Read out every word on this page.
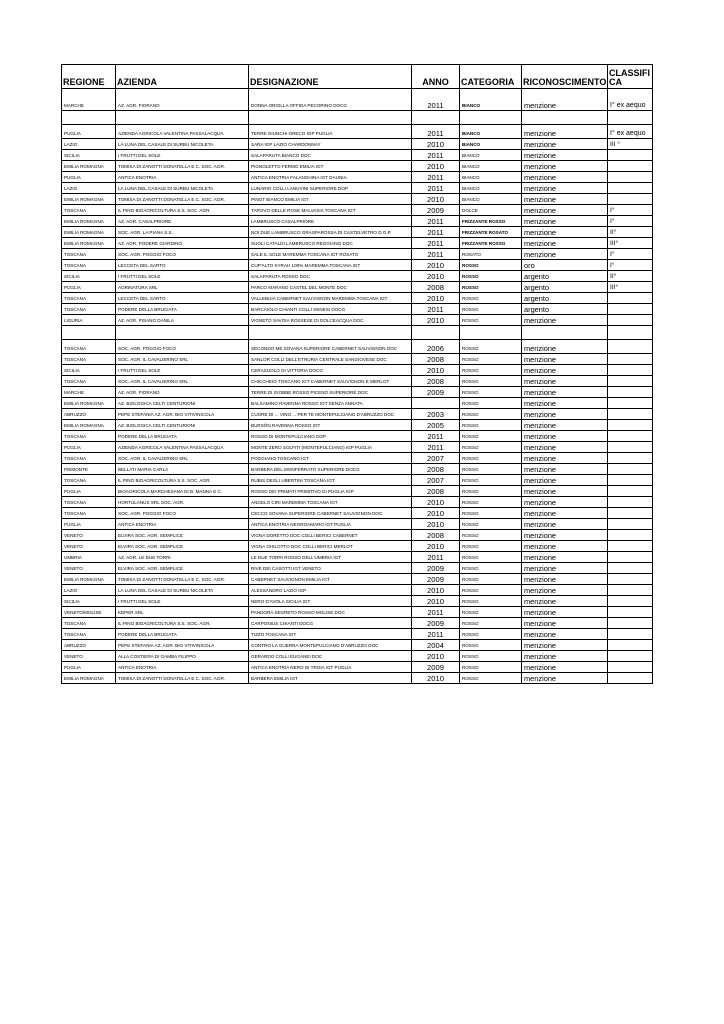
REGIONE	AZIENDA	DESIGNAZIONE	ANNO	CATEGORIA	RICONOSCIMENTO	CLASSIFICA
MARCHE	AZ. AGR. FIORANO	DONNA ORGILLA OFFIDA PECORINO DOCG	2011	BIANCO	menzione	I° ex aequo

PUGLIA	AZIENDA AGRICOLA VALENTINA PASSALACQUA	TERRE GIUNCHI GRECO IGP PUGLIA	2011	BIANCO	menzione	I° ex aequo
LAZIO	LA LUNA DEL CASALE DI SURBU NICOLETA	SARA IGP LAZIO CHARDONNAY	2010	BIANCO	menzione	III °
SICILIA	I FRUTTI DEL SOLE	SALAPARUTA BIANCO DOC	2011	BIANCO	menzione	
EMILIA ROMAGNA	TOMISA DI ZANOTTI DONATELLA E C. SOC. AGR.	PIGNOLETTO FERMO EMILIA IGT	2010	BIANCO	menzione	
PUGLIA	ANTICA ENOTRIA	ANTICA ENOTRIA FALANGHINA IGT DAUNIA	2011	BIANCO	menzione	
LAZIO	LA LUNA DEL CASALE DI SURBU NICOLETA	LUNARIO COLLI LANUVINI SUPERIORE DOP	2011	BIANCO	menzione	
EMILIA ROMAGNA	TOMISA DI ZANOTTI DONATELLA E C. SOC. AGR.	PINOT BIANCO EMILIA IGT	2010	BIANCO	menzione	
TOSCANA	IL PINO BIOAGRICOLTURA S.S. SOC. AGR.	TAROVO DELLE ROSE MALVASIA TOSCANA IGT	2009	DOLCE	menzione	I°
EMILIA ROMAGNA	AZ. AGR. CASALPRIORE	LAMBRUSCO CASALPRIORE	2011	FRIZZANTE ROSSO	menzione	I°
EMILIA ROMAGNA	SOC. AGR. LA PIANA S.S.	NOI DUE LAMBRUSCO GRASPAROSSA DI CASTELVETRO D.O.P.	2011	FRIZZANTE ROSATO	menzione	II°
EMILIA ROMAGNA	AZ. AGR. PODERE GIARDINO	SUOLI CATALDI LAMBRUSCO REGGIANO DOC	2011	FRIZZANTE ROSSO	menzione	III°
TOSCANA	SOC. AGR. POGGIO FOCO	SALE IL SOLE MAREMMA TOSCANA IGT ROSATO	2011	ROSATO	menzione	I°
TOSCANA	LECCETA DEL SARTO	CUP'ALTO SYRAH 100% MAREMMA TOSCANA IGT	2010	ROSSO	oro	I°
SICILIA	I FRUTTI DEL SOLE	SALAPARUTA ROSSO DOC	2010	ROSSO	argento	II°
PUGLIA	AGRINATURA SRL	PARCO MARANO CASTEL DEL MONTE DOC	2008	ROSSO	argento	III°
TOSCANA	LECCETA DEL SARTO	VALLEBUIA CABERNET SAUVIGNON MAREMMA TOSCANA IGT	2010	ROSSO	argento	
TOSCANA	PODERE DELLA BRUCIATA	BARCAIOLO CHIANTI COLLI SENESI DOCG	2011	ROSSO	argento	
LIGURIA	AZ. AGR. PISANO DANILA	VIGNETO SAVOIA ROSSESE DI DOLCEACQUA DOC	2010	ROSSO	menzione	

TOSCANA	SOC. AGR. POGGIO FOCO	SECONDO ME SOVANA SUPERIORE CABERNET SAUVIGNON DOC	2006	ROSSO	menzione	
TOSCANA	SOC. AGR. IL CAVALIERINO SRL	SANLOR COLLI DELL'ETRURIA CENTRALE SANGIOVESE DOC	2008	ROSSO	menzione	
SICILIA	I FRUTTI DEL SOLE	CERASUOLO DI VITTORIA DOCG	2010	ROSSO	menzione	
TOSCANA	SOC. AGR. IL CAVALIERINO SRL	CHICCHEIO TOSCANO IGT CABERNET SAUVIGNON E MERLOT	2008	ROSSO	menzione	
MARCHE	AZ. AGR. FIORANO	TERRE DI GIOBBE ROSSO PICENO SUPERIORE DOC	2009	ROSSO	menzione	
EMILIA ROMAGNA	AZ. BIOLOGICA CELTI CENTURIONI	BALSAMINO RAVENNA ROSSO IGT SENZA ANNATA		ROSSO	menzione	
ABRUZZO	PEPE STEFANIA AZ. AGR. BIO VITIVINICOLA	CUORE DI ... VINO ... PER TE MONTEPULCIANO D'ABRUZZO DOC	2003	ROSSO	menzione	
EMILIA ROMAGNA	AZ. BIOLOGICA CELTI CENTURIONI	BURSÔN RAVENNA ROSSO IGT	2005	ROSSO	menzione	
TOSCANA	PODERE DELLA BRUCIATA	ROSSO DI MONTEPULCIANO DOP	2011	ROSSO	menzione	
PUGLIA	AZIENDA AGRICOLA VALENTINA PASSALACQUA	MONTE ZERO SOLFITI (MONTEPULCIANO) IGP PUGLIA	2011	ROSSO	menzione	
TOSCANA	SOC. AGR. IL CAVALIERINO SRL	POGGIANO TOSCANO IGT	2007	ROSSO	menzione	
PIEMONTE	BELLATI MARIA CARLA	BARBERA DEL MONFERRATO SUPERIORE DOCG	2008	ROSSO	menzione	
TOSCANA	IL PINO BIOAGRICOLTURA S.S. SOC. AGR.	RUBIS DEGLI UBERTINI TOSCANA IGT	2007	ROSSO	menzione	
PUGLIA	BIOAGRICOLA MARCHESANA DI B. MANNA E C.	ROSSO DEI PRIMATI PRIMITIVO DI PUGLIA IGP	2008	ROSSO	menzione	
TOSCANA	HORTULANUS SRL SOC. AGR.	ANGELO CIRI MAREMMA TOSCANA IGT	2010	ROSSO	menzione	
TOSCANA	SOC. AGR. POGGIO FOCO	CECCO SOVANA SUPERIORE CABERNET SAUVIGNON DOC	2010	ROSSO	menzione	
PUGLIA	ANTICA ENOTRIA	ANTICA ENOTRIA NEGROAMARO IGT PUGLIA	2010	ROSSO	menzione	
VENETO	ELVIRA SOC. AGR. SEMPLICE	VIGNA DORETTO DOC COLLI BERICI CABERNET	2008	ROSSO	menzione	
VENETO	ELVIRA SOC. AGR. SEMPLICE	VIGNA GHILOTTO DOC COLLI BERICI MERLOT	2010	ROSSO	menzione	
UMBRIA	AZ. AGR. LE DUE TORRI	LE DUE TORRI ROSSO DELL'UMBRIA IGT	2011	ROSSO	menzione	
VENETO	ELVIRA SOC. AGR. SEMPLICE	RIVE DEI CASOTTI IGT VENETO	2009	ROSSO	menzione	
EMILIA ROMAGNA	TOMISA DI ZANOTTI DONATELLA E C. SOC. AGR.	CABERNET SAUVIGNON EMILIA IGT	2009	ROSSO	menzione	
LAZIO	LA LUNA DEL CASALE DI SURBU NICOLETA	ALESSANDRO LAZIO IGP	2010	ROSSO	menzione	
SICILIA	I FRUTTI DEL SOLE	NERO D'AVOLA SICILIA IGT	2010	ROSSO	menzione	
VENETO/MOLISE	KEPER SRL	PANDORA SEGRETO ROSSO MOLISE DOC	2011	ROSSO	menzione	
TOSCANA	IL PINO BIOAGRICOLTURA S.S. SOC. AGR.	CARPONIUS CHIANTI DOCG	2009	ROSSO	menzione	
TOSCANA	PODERE DELLA BRUCIATA	TIZZO TOSCANA IGT	2011	ROSSO	menzione	
ABRUZZO	PEPE STEFANIA AZ. AGR. BIO VITIVINICOLA	CONTRO LA GUERRA MONTEPULCIANO D'ABRUZZO DOC	2004	ROSSO	menzione	
VENETO	ALLA COSTIERA DI GAMBA FILIPPO	GERARDO COLLI EUGANEI DOC	2010	ROSSO	menzione	
PUGLIA	ANTICA ENOTRIA	ANTICA ENOTRIA NERO DI TROIA IGT PUGLIA	2009	ROSSO	menzione	
EMILIA ROMAGNA	TOMISA DI ZANOTTI DONATELLA E C. SOC. AGR.	BARBERA EMILIA IGT	2010	ROSSO	menzione	
